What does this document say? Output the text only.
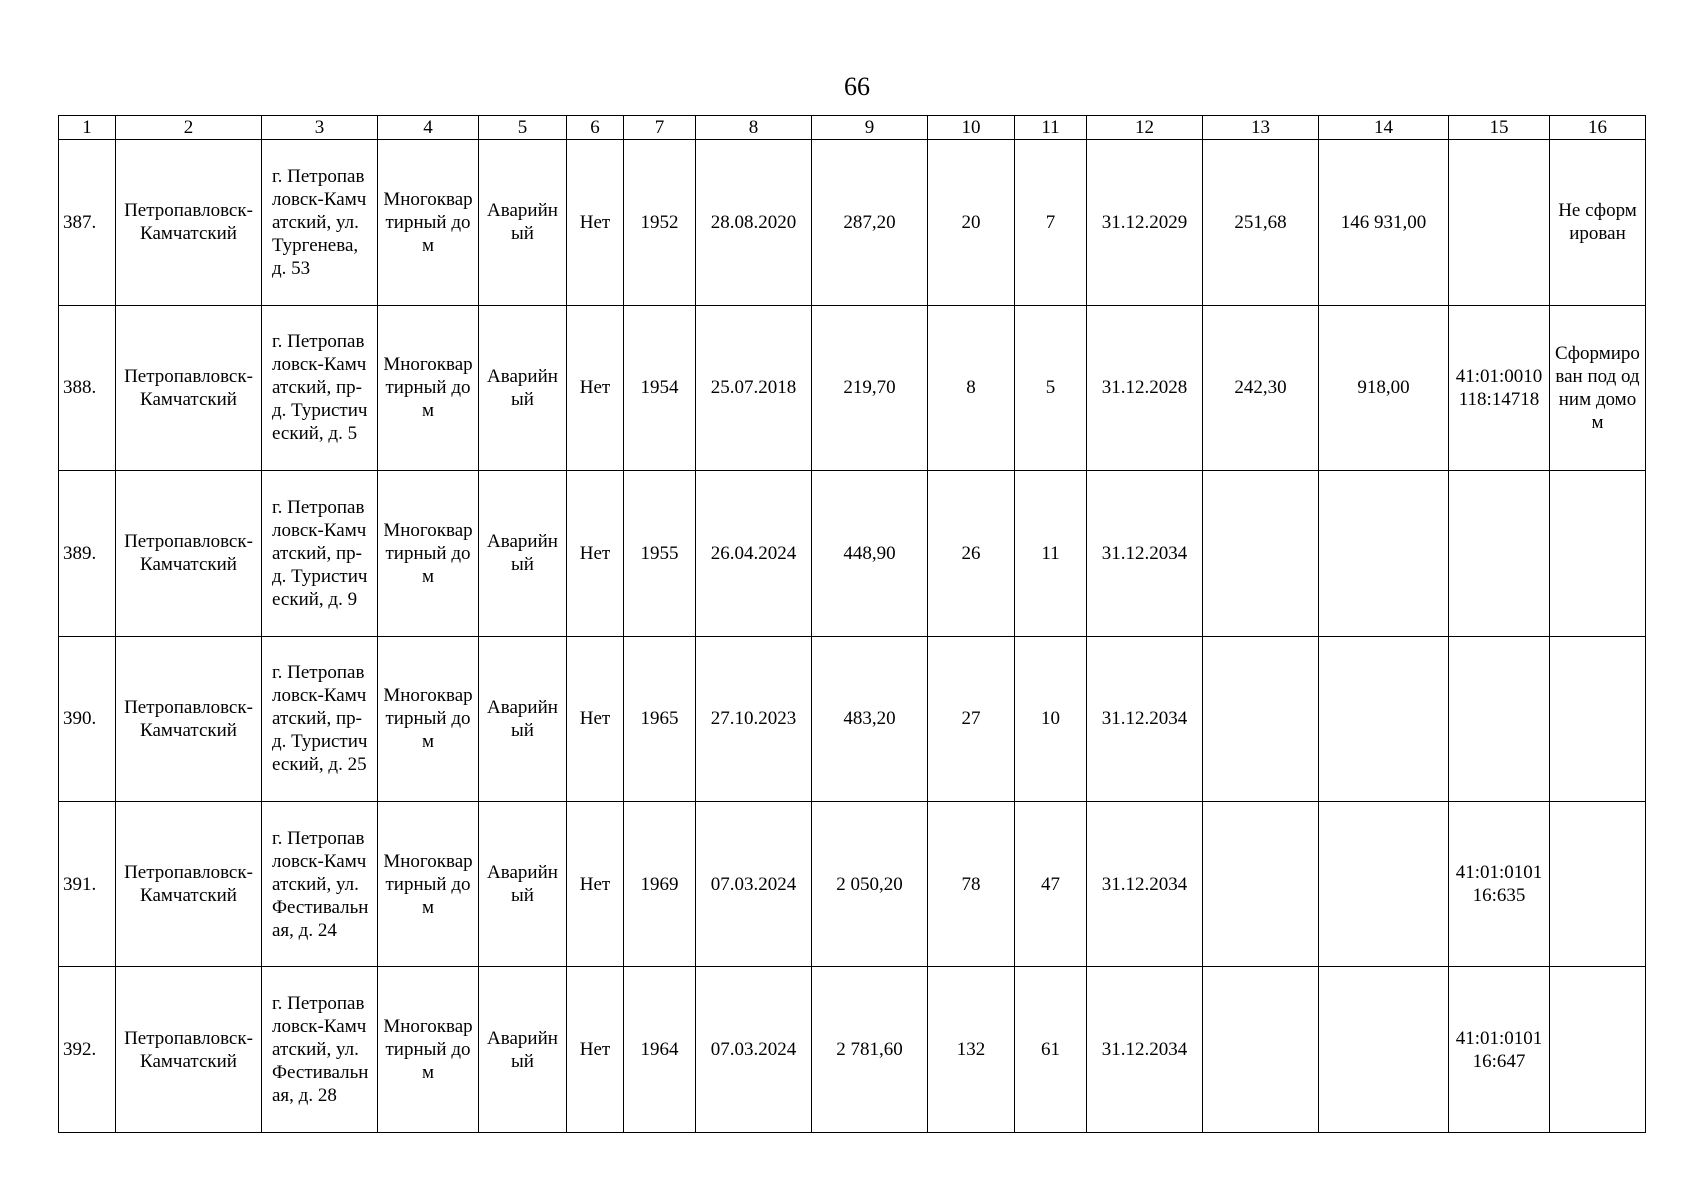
66
1	2	3	4	5	6	7	8	9	10	11	12	13	14	15	16
387.	Петропавловск-Камчатский	г. Петропавловск-Камчатский, ул. Тургенева, д. 53	Многоквартирный дом	Аварийный	Нет	1952	28.08.2020	287,20	20	7	31.12.2029	251,68	146 931,00		Не сформирован
388.	Петропавловск-Камчатский	г. Петропавловск-Камчатский, пр-д. Туристический, д. 5	Многоквартирный дом	Аварийный	Нет	1954	25.07.2018	219,70	8	5	31.12.2028	242,30	918,00	41:01:0010118:14718	Сформирован под одним домом
389.	Петропавловск-Камчатский	г. Петропавловск-Камчатский, пр-д. Туристический, д. 9	Многоквартирный дом	Аварийный	Нет	1955	26.04.2024	448,90	26	11	31.12.2034				
390.	Петропавловск-Камчатский	г. Петропавловск-Камчатский, пр-д. Туристический, д. 25	Многоквартирный дом	Аварийный	Нет	1965	27.10.2023	483,20	27	10	31.12.2034				
391.	Петропавловск-Камчатский	г. Петропавловск-Камчатский, ул. Фестивальная, д. 24	Многоквартирный дом	Аварийный	Нет	1969	07.03.2024	2 050,20	78	47	31.12.2034			41:01:010116:635	
392.	Петропавловск-Камчатский	г. Петропавловск-Камчатский, ул. Фестивальная, д. 28	Многоквартирный дом	Аварийный	Нет	1964	07.03.2024	2 781,60	132	61	31.12.2034			41:01:010116:647	
